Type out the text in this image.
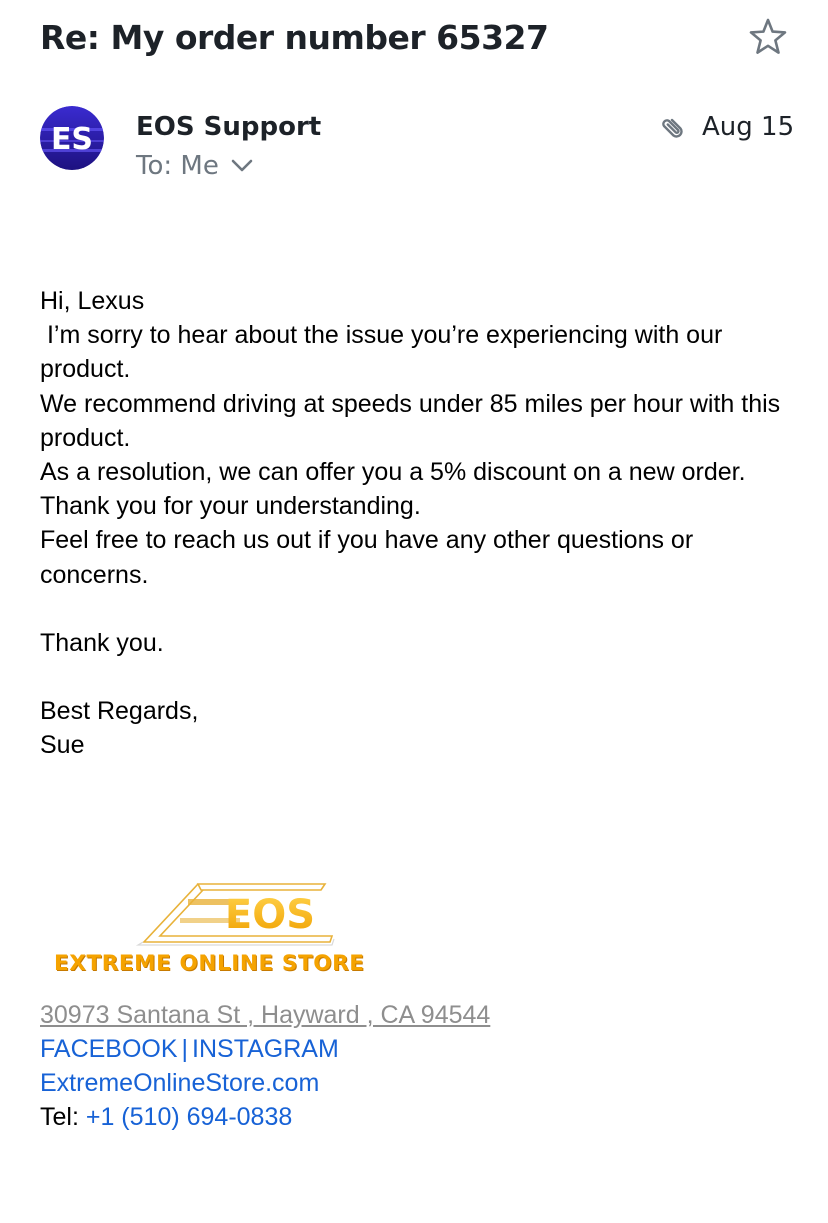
Re: My order number 65327
ES EOS Support
To: Me
Aug 15

Hi, Lexus

I’m sorry to hear about the issue you’re experiencing with our product.

We recommend driving at speeds under 85 miles per hour with this product.

As a resolution, we can offer you a 5% discount on a new order.

Thank you for your understanding.

Feel free to reach us out if you have any other questions or concerns.

Thank you.

Best Regards,

Sue

EOS

EXTREME ONLINE STORE

30973 Santana St , Hayward , CA 94544
FACEBOOK | INSTAGRAM
ExtremeOnlineStore.com
Tel: +1 (510) 694-0838
